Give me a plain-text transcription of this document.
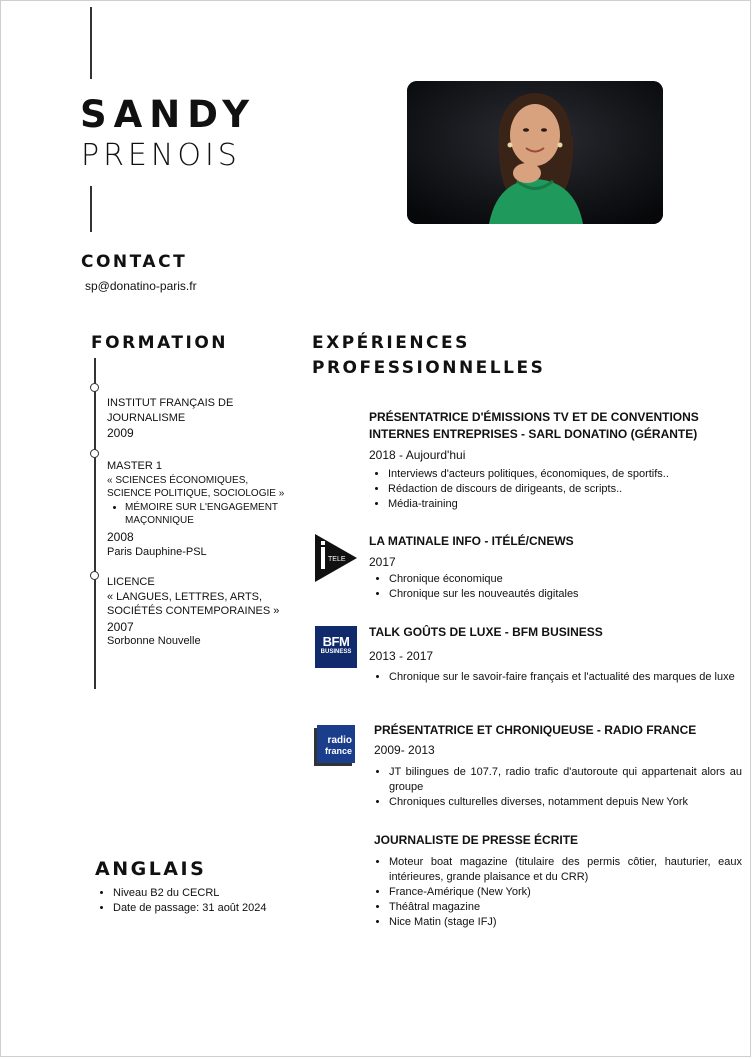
SANDY
PRENOIS
CONTACT
sp@donatino-paris.fr
FORMATION
INSTITUT FRANÇAIS DE
JOURNALISME
2009
MASTER 1
« SCIENCES ÉCONOMIQUES,
SCIENCE POLITIQUE, SOCIOLOGIE »
• MÉMOIRE SUR L'ENGAGEMENT MAÇONNIQUE
2008
Paris Dauphine-PSL
LICENCE
« LANGUES, LETTRES, ARTS,
SOCIÉTÉS CONTEMPORAINES »
2007
Sorbonne Nouvelle
ANGLAIS
• Niveau B2 du CECRL
• Date de passage: 31 août 2024
EXPÉRIENCES
PROFESSIONNELLES
PRÉSENTATRICE D'ÉMISSIONS TV ET DE CONVENTIONS
INTERNES ENTREPRISES - SARL DONATINO (GÉRANTE)
2018 - Aujourd'hui
• Interviews d'acteurs politiques, économiques, de sportifs..
• Rédaction de discours de dirigeants, de scripts..
• Média-training
TELE
LA MATINALE INFO - ITÉLÉ/CNEWS
2017
• Chronique économique
• Chronique sur les nouveautés digitales
BFM
BUSINESS
TALK GOÛTS DE LUXE - BFM BUSINESS
2013 - 2017
• Chronique sur le savoir-faire français et l'actualité des marques de luxe
radio
france
PRÉSENTATRICE ET CHRONIQUEUSE - RADIO FRANCE
2009- 2013
• JT bilingues de 107.7, radio trafic d'autoroute qui appartenait alors au groupe
• Chroniques culturelles diverses, notamment depuis New York
JOURNALISTE DE PRESSE ÉCRITE
• Moteur boat magazine (titulaire des permis côtier, hauturier, eaux intérieures, grande plaisance et du CRR)
• France-Amérique (New York)
• Théâtral magazine
• Nice Matin (stage IFJ)
